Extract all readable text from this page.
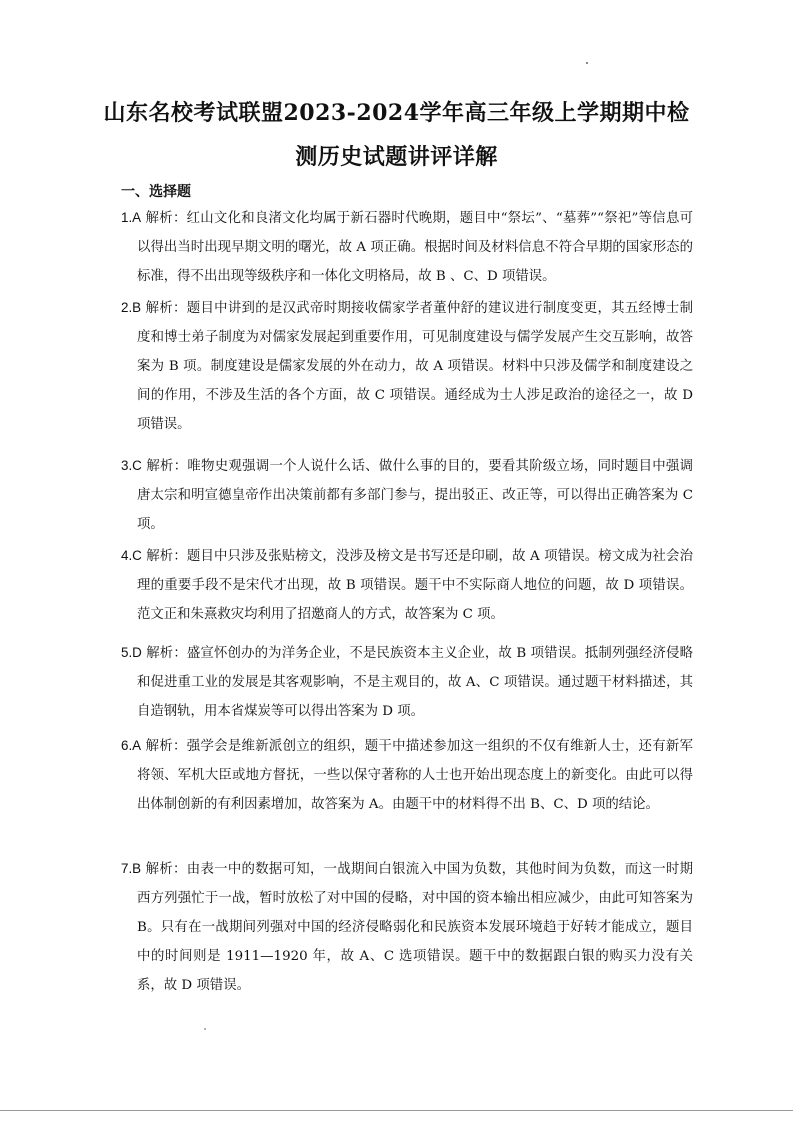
山东名校考试联盟2023-2024学年高三年级上学期期中检
测历史试题讲评详解
一、选择题
1.A 解析：红山文化和良渚文化均属于新石器时代晚期，题目中“祭坛”、“墓葬”“祭祀”等信息可以得出当时出现早期文明的曙光，故 A 项正确。根据时间及材料信息不符合早期的国家形态的标准，得不出出现等级秩序和一体化文明格局，故 B 、C、D 项错误。
2.B 解析：题目中讲到的是汉武帝时期接收儒家学者董仲舒的建议进行制度变更，其五经博士制度和博士弟子制度为对儒家发展起到重要作用，可见制度建设与儒学发展产生交互影响，故答案为 B 项。制度建设是儒家发展的外在动力，故 A 项错误。材料中只涉及儒学和制度建设之间的作用，不涉及生活的各个方面，故 C 项错误。通经成为士人涉足政治的途径之一，故 D 项错误。
3.C 解析：唯物史观强调一个人说什么话、做什么事的目的，要看其阶级立场，同时题目中强调唐太宗和明宣德皇帝作出决策前都有多部门参与，提出驳正、改正等，可以得出正确答案为 C 项。
4.C 解析：题目中只涉及张贴榜文，没涉及榜文是书写还是印刷，故 A 项错误。榜文成为社会治理的重要手段不是宋代才出现，故 B 项错误。题干中不实际商人地位的问题，故 D 项错误。范文正和朱熹救灾均利用了招邀商人的方式，故答案为 C 项。
5.D 解析：盛宣怀创办的为洋务企业，不是民族资本主义企业，故 B 项错误。抵制列强经济侵略和促进重工业的发展是其客观影响，不是主观目的，故 A、C 项错误。通过题干材料描述，其自造钢轨，用本省煤炭等可以得出答案为 D 项。
6.A 解析：强学会是维新派创立的组织，题干中描述参加这一组织的不仅有维新人士，还有新军将领、军机大臣或地方督抚，一些以保守著称的人士也开始出现态度上的新变化。由此可以得出体制创新的有利因素增加，故答案为 A。由题干中的材料得不出 B、C、D 项的结论。
7.B 解析：由表一中的数据可知，一战期间白银流入中国为负数，其他时间为负数，而这一时期西方列强忙于一战，暂时放松了对中国的侵略，对中国的资本输出相应减少，由此可知答案为 B。只有在一战期间列强对中国的经济侵略弱化和民族资本发展环境趋于好转才能成立，题目中的时间则是 1911—1920 年，故 A、C 选项错误。题干中的数据跟白银的购买力没有关系，故 D 项错误。
